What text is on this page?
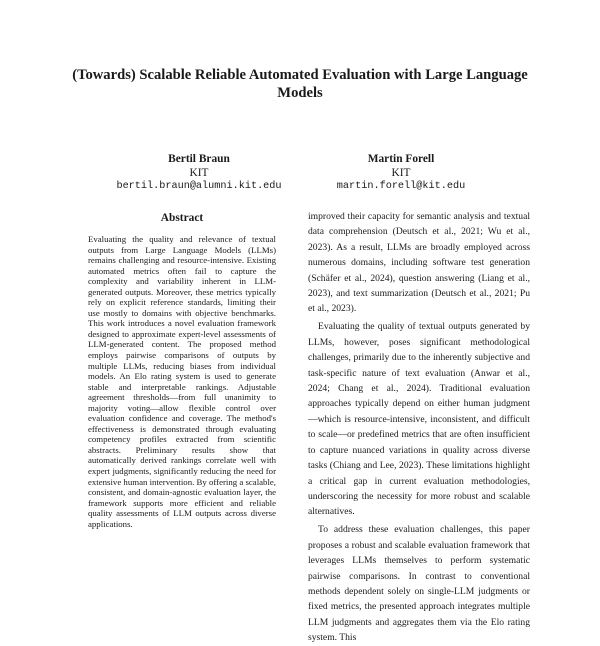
(Towards) Scalable Reliable Automated Evaluation with Large Language Models
Bertil Braun
KIT
bertil.braun@alumni.kit.edu
Martin Forell
KIT
martin.forell@kit.edu
Abstract
Evaluating the quality and relevance of textual outputs from Large Language Models (LLMs) remains challenging and resource-intensive. Existing automated metrics often fail to capture the complexity and variability inherent in LLM-generated outputs. Moreover, these metrics typically rely on explicit reference standards, limiting their use mostly to domains with objective benchmarks. This work introduces a novel evaluation framework designed to approximate expert-level assessments of LLM-generated content. The proposed method employs pairwise comparisons of outputs by multiple LLMs, reducing biases from individual models. An Elo rating system is used to generate stable and interpretable rankings. Adjustable agreement thresholds—from full unanimity to majority voting—allow flexible control over evaluation confidence and coverage. The method's effectiveness is demonstrated through evaluating competency profiles extracted from scientific abstracts. Preliminary results show that automatically derived rankings correlate well with expert judgments, significantly reducing the need for extensive human intervention. By offering a scalable, consistent, and domain-agnostic evaluation layer, the framework supports more efficient and reliable quality assessments of LLM outputs across diverse applications.

improved their capacity for semantic analysis and textual data comprehension (Deutsch et al., 2021; Wu et al., 2023). As a result, LLMs are broadly employed across numerous domains, including software test generation (Schäfer et al., 2024), question answering (Liang et al., 2023), and text summarization (Deutsch et al., 2021; Pu et al., 2023).

Evaluating the quality of textual outputs generated by LLMs, however, poses significant methodological challenges, primarily due to the inherently subjective and task-specific nature of text evaluation (Anwar et al., 2024; Chang et al., 2024). Traditional evaluation approaches typically depend on either human judgment—which is resource-intensive, inconsistent, and difficult to scale—or predefined metrics that are often insufficient to capture nuanced variations in quality across diverse tasks (Chiang and Lee, 2023). These limitations highlight a critical gap in current evaluation methodologies, underscoring the necessity for more robust and scalable alternatives.

To address these evaluation challenges, this paper proposes a robust and scalable evaluation framework that leverages LLMs themselves to perform systematic pairwise comparisons. In contrast to conventional methods dependent solely on single-LLM judgments or fixed metrics, the presented approach integrates multiple LLM judgments and aggregates them via the Elo rating system. This
